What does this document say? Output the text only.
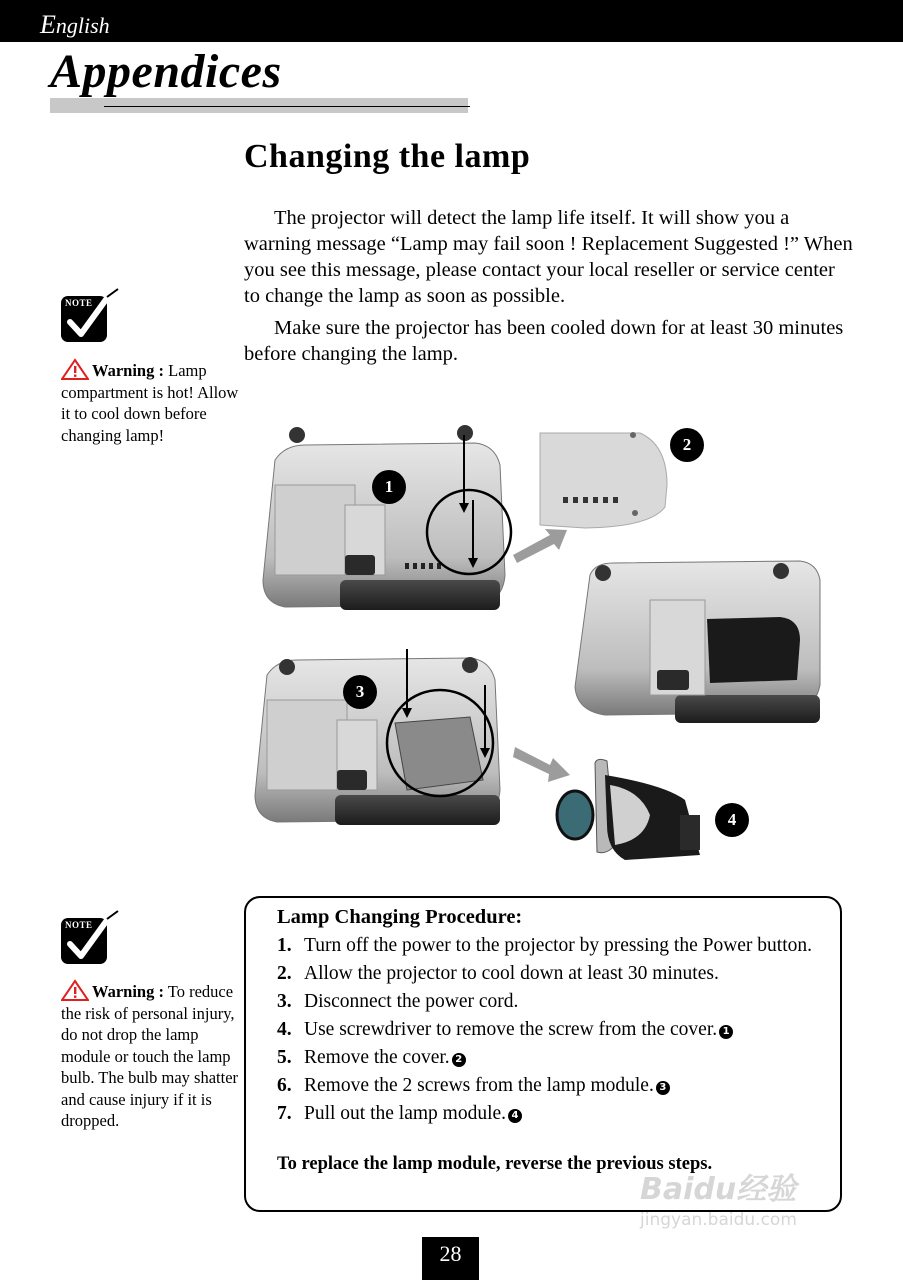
English
Appendices
Changing the lamp

The projector will detect the lamp life itself. It will show you a warning message “Lamp may fail soon ! Replacement Suggested !” When you see this message, please contact your local reseller or service center to change the lamp as soon as possible.

Make sure the projector has been cooled down for at least 30 minutes before changing the lamp.

NOTE
Warning : Lamp compartment is hot! Allow it to cool down before changing lamp!
1
2
3
4
NOTE
Warning : To reduce the risk of personal injury, do not drop the lamp module or touch the lamp bulb. The bulb may shatter and cause injury if it is dropped.
Lamp Changing Procedure:
1. Turn off the power to the projector by pressing the Power button.
2. Allow the projector to cool down at least 30 minutes.
3. Disconnect the power cord.
4. Use screwdriver to remove the screw from the cover. 1
5. Remove the cover. 2
6. Remove the 2 screws from the lamp module. 3
7. Pull out the lamp module. 4
To replace the lamp module, reverse the previous steps.
Baidu经验
jingyan.baidu.com
28
